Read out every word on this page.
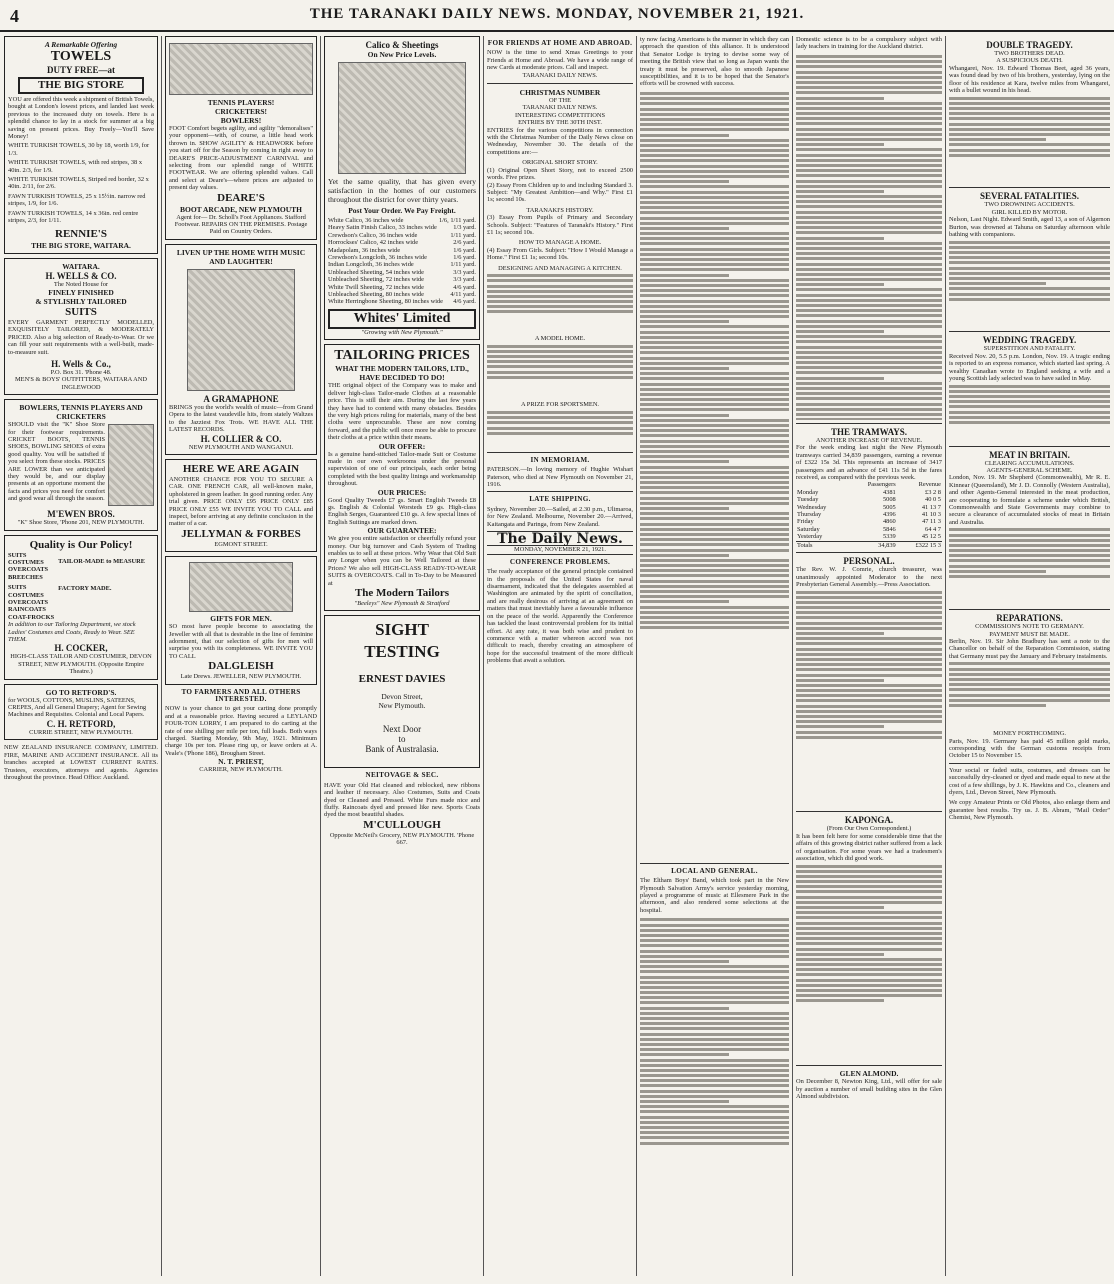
4	THE TARANAKI DAILY NEWS. MONDAY, NOVEMBER 21, 1921.
A Remarkable Offering
TOWELS
DUTY FREE—at
THE BIG STORE
YOU are offered this week a shipment of British Towels, bought at London's lowest prices, and landed last week previous to the increased duty on towels. Here is a splendid chance to lay in a stock for summer at a big saving on present prices. Buy Freely—You'll Save Money!
WHITE TURKISH TOWELS, 30 by 18, worth 1/9, for 1/3.
WHITE TURKISH TOWELS, with red stripes, 38 x 40in. 2/3, for 1/9.
WHITE TURKISH TOWELS, Striped red border, 32 x 40in. 2/11, for 2/6.
FAWN TURKISH TOWELS, 25 x 15½in. narrow red stripes, 1/9, for 1/6.
FAWN TURKISH TOWELS, 14 x 36in. red centre stripes, 2/3, for 1/11.
RENNIE'S
THE BIG STORE, WAITARA.
WAITARA.
H. WELLS & CO.
The Noted House for
FINELY FINISHED
& STYLISHLY TAILORED
SUITS
EVERY GARMENT PERFECTLY MODELLED, EXQUISITELY TAILORED, & MODERATELY PRICED. Also a big selection of Ready-to-Wear. Or we can fill your suit requirements with a well-built, made-to-measure suit.
H. Wells & Co.,
P.O. Box 31. 'Phone 48.
MEN'S & BOYS' OUTFITTERS, WAITARA AND INGLEWOOD
BOWLERS, TENNIS PLAYERS AND CRICKETERS
SHOULD visit the "K" Shoe Store for their footwear requirements. CRICKET BOOTS, TENNIS SHOES, BOWLING SHOES of extra good quality. You will be satisfied if you select from these stocks. PRICES ARE LOWER than we anticipated they would be, and our display presents at an opportune moment the facts and prices you need for comfort and good wear all through the season.
M'EWEN BROS.
"K" Shoe Store, 'Phone 201, NEW PLYMOUTH.
Quality is Our Policy!
SUITS
COSTUMES
OVERCOATS
BREECHES
SUITS
COSTUMES
OVERCOATS
RAINCOATS
COAT-FROCKS
TAILOR-MADE to MEASURE
FACTORY MADE.
In addition to our Tailoring Department, we stock Ladies' Costumes and Coats, Ready to Wear. SEE THEM.
H. COCKER,
HIGH-CLASS TAILOR AND COSTUMIER, DEVON STREET, NEW PLYMOUTH. (Opposite Empire Theatre.)
GO TO RETFORD'S.
for WOOLS, COTTONS, MUSLINS, SATEENS, CREPES, And all General Drapery; Agent for Sewing Machines and Requisites. Colonial and Local Papers.
C. H. RETFORD,
CURRIE STREET, NEW PLYMOUTH.
NEW ZEALAND INSURANCE COMPANY, LIMITED. FIRE, MARINE AND ACCIDENT INSURANCE. All its branches accepted at LOWEST CURRENT RATES. Trustees, executors, attorneys and agents. Agencies throughout the province. Head Office: Auckland.
TENNIS PLAYERS!
CRICKETERS!
BOWLERS!
FOOT Comfort begets agility, and agility "demoralises" your opponent—with, of course, a little head work thrown in. SHOW AGILITY & HEADWORK before you start off for the Season by coming in right away to DEARE'S PRICE-ADJUSTMENT CARNIVAL and selecting from our splendid range of WHITE FOOTWEAR. We are offering splendid values. Call and select at Deare's—where prices are adjusted to present day values.
DEARE'S
BOOT ARCADE, NEW PLYMOUTH
Agent for— Dr. Scholl's Foot Appliances. Stafford Footwear. REPAIRS ON THE PREMISES. Postage Paid on Country Orders.
LIVEN UP THE HOME WITH MUSIC AND LAUGHTER!
A GRAMAPHONE
BRINGS you the world's wealth of music—from Grand Opera to the latest vaudeville hits, from stately Waltzes to the Jazziest Fox Trots. WE HAVE ALL THE LATEST RECORDS.
H. COLLIER & CO.
NEW PLYMOUTH AND WANGANUI.
HERE WE ARE AGAIN
ANOTHER CHANCE FOR YOU TO SECURE A CAR. ONE FRENCH CAR, all well-known make, upholstered in green leather. In good running order. Any trial given. PRICE ONLY £95 PRICE ONLY £85 PRICE ONLY £55 WE INVITE YOU TO CALL and inspect, before arriving at any definite conclusion in the matter of a car.
JELLYMAN & FORBES
EGMONT STREET.
GIFTS FOR MEN.
SO most have people become to associating the Jeweller with all that is desirable in the line of feminine adornment, that our selection of gifts for men will surprise you with its completeness. WE INVITE YOU TO CALL
DALGLEISH
Late Drews. JEWELLER, NEW PLYMOUTH.
TO FARMERS AND ALL OTHERS INTERESTED.
NOW is your chance to get your carting done promptly and at a reasonable price. Having secured a LEYLAND FOUR-TON LORRY, I am prepared to do carting at the rate of one shilling per mile per ton, full loads. Both ways charged. Starting Monday, 9th May, 1921. Minimum charge 10s per ton. Please ring up, or leave orders at A. Veale's ('Phone 186), Brougham Street.
N. T. PRIEST,
CARRIER, NEW PLYMOUTH.
Calico & Sheetings
On New Price Levels.
Yet the same quality, that has given every satisfaction in the homes of our customers throughout the district for over thirty years.
Post Your Order. We Pay Freight.
White Calico, 36 inches wide	1/6, 1/11 yard.
Heavy Satin Finish Calico, 33 inches wide	1/3 yard.
Crewdson's Calico, 36 inches wide	1/11 yard.
Horrockses' Calico, 42 inches wide	2/6 yard.
Madapolam, 36 inches wide	1/6 yard.
Crewdson's Longcloth, 36 inches wide	1/6 yard.
Indian Longcloth, 36 inches wide	1/11 yard.
Unbleached Sheeting, 54 inches wide	3/3 yard.
Unbleached Sheeting, 72 inches wide	3/3 yard.
White Twill Sheeting, 72 inches wide	4/6 yard.
Unbleached Sheeting, 80 inches wide	4/11 yard.
White Herringbone Sheeting, 80 inches wide 4/6 yard.
Whites' Limited
"Growing with New Plymouth."
TAILORING PRICES
WHAT THE MODERN TAILORS, LTD., HAVE DECIDED TO DO!
THE original object of the Company was to make and deliver high-class Tailor-made Clothes at a reasonable price. This is still their aim. During the last few years they have had to contend with many obstacles. Besides the very high prices ruling for materials, many of the best cloths were unprocurable. These are now coming forward, and the public will once more be able to procure their cloths at a price within their means.
OUR OFFER:
Is a genuine hand-stitched Tailor-made Suit or Costume made in our own workrooms under the personal supervision of one of our principals, each order being completed with the best quality linings and workmanship throughout.
OUR PRICES:
Good Quality Tweeds £7 gs. Smart English Tweeds £8 gs. English & Colonial Worsteds £9 gs. High-class English Serges, Guaranteed £10 gs. A few special lines of English Suitings are marked down.
OUR GUARANTEE:
We give you entire satisfaction or cheerfully refund your money. Our big turnover and Cash System of Trading enables us to sell at these prices. Why Wear that Old Suit any Longer when you can be Well Tailored at these Prices? We also sell HIGH-CLASS READY-TO-WEAR SUITS & OVERCOATS. Call in To-Day to be Measured at
The Modern Tailors
"Beeleys" New Plymouth & Stratford
SIGHT
TESTING
ERNEST DAVIES
Devon Street,
New Plymouth.
Next Door
to
Bank of Australasia.
NEITOVAGE & SEC.
HAVE your Old Hat cleaned and reblocked, new ribbons and leather if necessary. Also Costumes, Suits and Coats dyed or Cleaned and Pressed. White Furs made nice and fluffy. Raincoats dyed and pressed like new. Sports Coats dyed the most beautiful shades.
M'CULLOUGH
Opposite McNeil's Grocery, NEW PLYMOUTH. 'Phone 667.
FOR FRIENDS AT HOME AND ABROAD.
NOW is the time to send Xmas Greetings to your Friends at Home and Abroad. We have a wide range of new Cards at moderate prices. Call and inspect.
TARANAKI DAILY NEWS.
CHRISTMAS NUMBER
OF THE
TARANAKI DAILY NEWS.
INTERESTING COMPETITIONS
ENTRIES BY THE 30TH INST.
ENTRIES for the various competitions in connection with the Christmas Number of the Daily News close on Wednesday, November 30. The details of the competitions are:—
ORIGINAL SHORT STORY.
(1) Original Open Short Story, not to exceed 2500 words. Five prizes.
(2) Essay From Children up to and including Standard 3. Subject: "My Greatest Ambition—and Why." First £1 1s; second 10s.
TARANAKI'S HISTORY.
(3) Essay From Pupils of Primary and Secondary Schools. Subject: "Features of Taranaki's History." First £1 1s; second 10s.
HOW TO MANAGE A HOME.
(4) Essay From Girls. Subject: "How I Would Manage a Home." First £1 1s; second 10s.
DESIGNING AND MANAGING A KITCHEN.
A MODEL HOME.
A PRIZE FOR SPORTSMEN.
IN MEMORIAM.
PATERSON.—In loving memory of Hughie Wishart Paterson, who died at New Plymouth on November 21, 1916.
LATE SHIPPING.
Sydney, November 20.—Sailed, at 2.30 p.m., Ulimaroa, for New Zealand. Melbourne, November 20.—Arrived, Kaitangata and Paringa, from New Zealand.
The Daily News.
MONDAY, NOVEMBER 21, 1921.
CONFERENCE PROBLEMS.
The ready acceptance of the general principle contained in the proposals of the United States for naval disarmament, indicated that the delegates assembled at Washington are animated by the spirit of conciliation, and are really desirous of arriving at an agreement on matters that must inevitably have a favourable influence on the peace of the world. Apparently the Conference has tackled the least controversial problem for its initial effort. At any rate, it was both wise and prudent to commence with a matter whereon accord was not difficult to reach, thereby creating an atmosphere of hope for the successful treatment of the more difficult problems that await a solution.
ty now facing Americans is the manner in which they can approach the question of this alliance. It is understood that Senator Lodge is trying to devise some way of meeting the British view that so long as Japan wants the treaty it must be preserved, also to smooth Japanese susceptibilities, and it is to be hoped that the Senator's efforts will be crowned with success.
LOCAL AND GENERAL.
The Eltham Boys' Band, which took part in the New Plymouth Salvation Army's service yesterday morning, played a programme of music at Ellesmere Park in the afternoon, and also rendered some selections at the hospital.
Domestic science is to be a compulsory subject with lady teachers in training for the Auckland district.	DOUBLE TRAGEDY.
TWO BROTHERS DEAD.
A SUSPICIOUS DEATH.
Whangarei, Nov. 19. Edward Thomas Beet, aged 36 years, was found dead by two of his brothers, yesterday, lying on the floor of his residence at Kara, twelve miles from Whangarei, with a bullet wound in his head.
SEVERAL FATALITIES.
TWO DROWNING ACCIDENTS.
GIRL KILLED BY MOTOR.
Nelson, Last Night. Edward Smith, aged 13, a son of Algernon Burton, was drowned at Tahuna on Saturday afternoon while bathing with companions.
WEDDING TRAGEDY.
SUPERSTITION AND FATALITY.
Received Nov. 20, 5.5 p.m. London, Nov. 19. A tragic ending is reported to an express romance, which started last spring. A wealthy Canadian wrote to England seeking a wife and a young Scottish lady selected was to have sailed in May.
MEAT IN BRITAIN.
CLEARING ACCUMULATIONS.
AGENTS-GENERAL SCHEME.
London, Nov. 19. Mr Shepherd (Commonwealth), Mr R. E. Kinnear (Queensland), Mr J. D. Connolly (Western Australia), and other Agents-General interested in the meat production, are cooperating to formulate a scheme under which British, Commonwealth and State Governments may combine to secure a clearance of accumulated stocks of meat in Britain and Australia.
REPARATIONS.
COMMISSION'S NOTE TO GERMANY.
PAYMENT MUST BE MADE.
Berlin, Nov. 19. Sir John Bradbury has sent a note to the Chancellor on behalf of the Reparation Commission, stating that Germany must pay the January and February instalments.
MONEY FORTHCOMING.
Paris, Nov. 19. Germany has paid 45 million gold marks, corresponding with the German customs receipts from October 15 to November 15.
Your social or faded suits, costumes, and dresses can be successfully dry-cleaned or dyed and made equal to new at the cost of a few shillings, by J. K. Hawkins and Co., cleaners and dyers, Ltd., Devon Street, New Plymouth.
We copy Amateur Prints or Old Photos, also enlarge them and guarantee best results. Try us. J. B. Abram, "Mail Order" Chemist, New Plymouth.
THE TRAMWAYS.
ANOTHER INCREASE OF REVENUE.
For the week ending last night the New Plymouth tramways carried 34,839 passengers, earning a revenue of £322 15s 3d. This represents an increase of 3417 passengers and an advance of £41 11s 5d in the fares received, as compared with the previous week.
	Passengers	Revenue
Monday	4381	£3 2 8
Tuesday	5008	40 0 5
Wednesday	5005	41 13 7
Thursday	4396	41 10 3
Friday	4860	47 11 3
Saturday	5846	64 4 7
Yesterday	5339	45 12 5
Totals	34,839	£322 15 3
PERSONAL.
The Rev. W. J. Comrie, church treasurer, was unanimously appointed Moderator to the next Presbyterian General Assembly.—Press Association.
KAPONGA.
(From Our Own Correspondent.)
It has been felt here for some considerable time that the affairs of this growing district rather suffered from a lack of organisation. For some years we had a tradesmen's association, which did good work.
GLEN ALMOND.
On December 8, Newton King, Ltd., will offer for sale by auction a number of small building sites in the Glen Almond subdivision.
